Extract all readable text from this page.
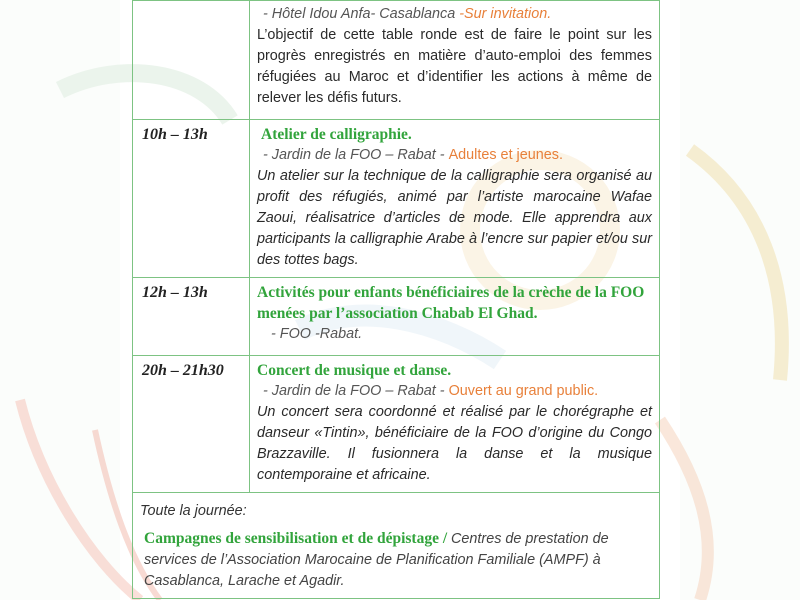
	- Hôtel Idou Anfa- Casablanca -Sur invitation.
L’objectif de cette table ronde est de faire le point sur les progrès enregistrés en matière d’auto-emploi des femmes réfugiées au Maroc et d’identifier les actions à même de relever les défis futurs.

10h – 13h	Atelier de calligraphie.
- Jardin de la FOO – Rabat - Adultes et jeunes.
Un atelier sur la technique de la calligraphie sera organisé au profit des réfugiés, animé par l’artiste marocaine Wafae Zaoui, réalisatrice d’articles de mode. Elle apprendra aux participants la calligraphie Arabe à l’encre sur papier et/ou sur des tottes bags.

12h – 13h	Activités pour enfants bénéficiaires de la crèche de la FOO menées par l’association Chabab El Ghad.
- FOO -Rabat.

20h – 21h30	Concert de musique et danse.
- Jardin de la FOO – Rabat - Ouvert au grand public.
Un concert sera coordonné et réalisé par le chorégraphe et danseur «Tintin», bénéficiaire de la FOO d’origine du Congo Brazzaville. Il fusionnera la danse et la musique contemporaine et africaine.

Toute la journée:
Campagnes de sensibilisation et de dépistage / Centres de prestation de services de l’Association Marocaine de Planification Familiale (AMPF) à Casablanca, Larache et Agadir.	
